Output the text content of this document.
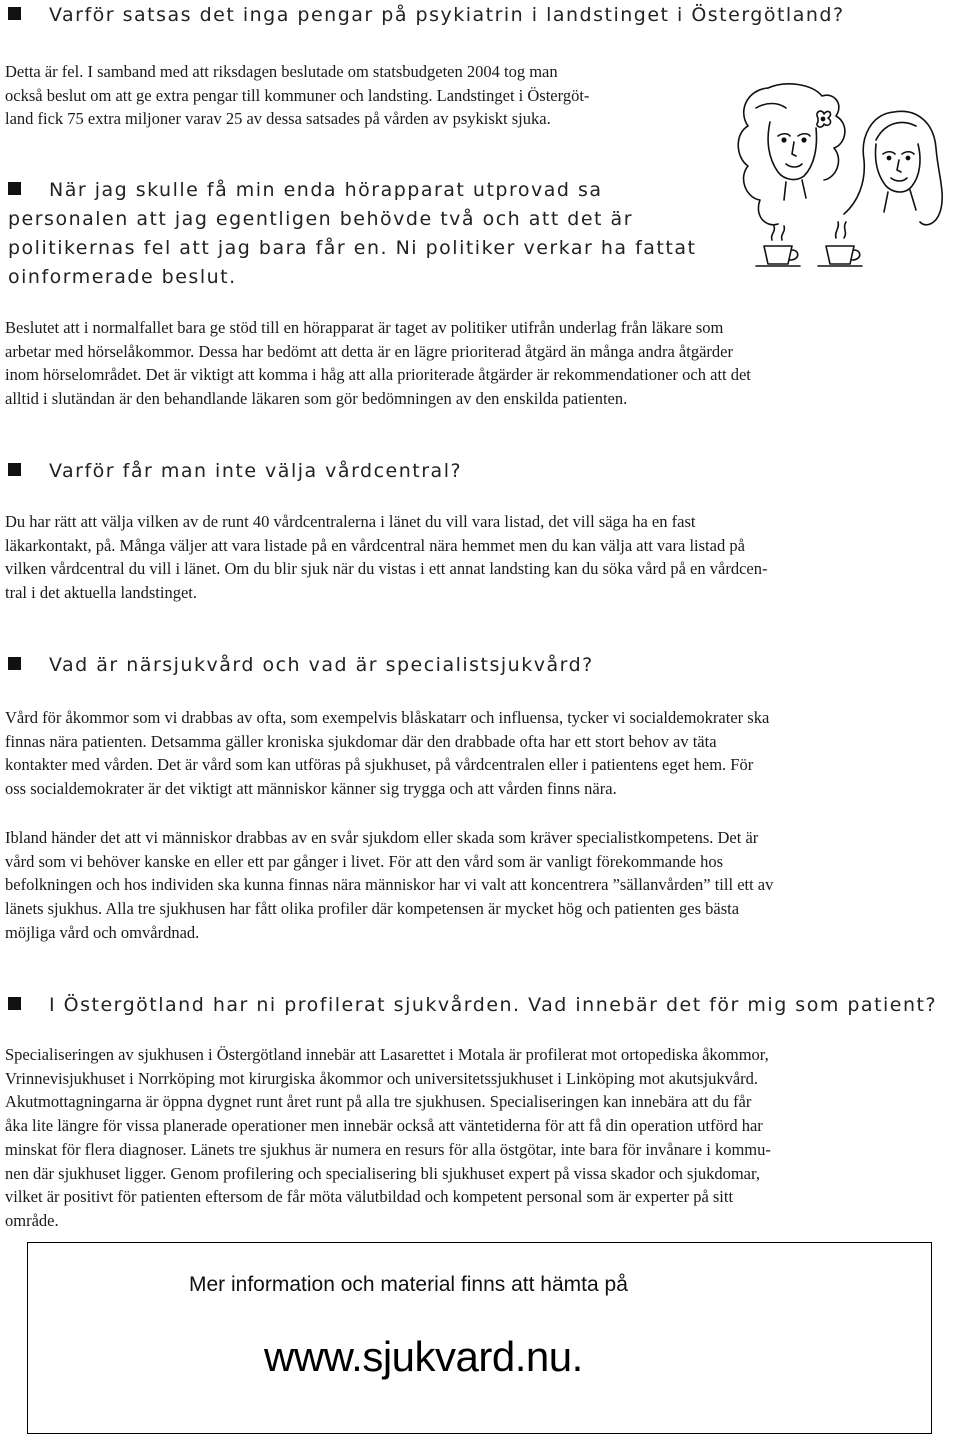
Varför satsas det inga pengar på psykiatrin i landstinget i Östergötland?

Detta är fel. I samband med att riksdagen beslutade om statsbudgeten 2004 tog man
också beslut om att ge extra pengar till kommuner och landsting. Landstinget i Östergöt-
land fick 75 extra miljoner varav 25 av dessa satsades på vården av psykiskt sjuka.

När jag skulle få min enda hörapparat utprovad sa
personalen att jag egentligen behövde två och att det är
politikernas fel att jag bara får en. Ni politiker verkar ha fattat
oinformerade beslut.

Beslutet att i normalfallet bara ge stöd till en hörapparat är taget av politiker utifrån underlag från läkare som
arbetar med hörselåkommor. Dessa har bedömt att detta är en lägre prioriterad åtgärd än många andra åtgärder
inom hörselområdet. Det är viktigt att komma i håg att alla prioriterade åtgärder är rekommendationer och att det
alltid i slutändan är den behandlande läkaren som gör bedömningen av den enskilda patienten.

Varför får man inte välja vårdcentral?

Du har rätt att välja vilken av de runt 40 vårdcentralerna i länet du vill vara listad, det vill säga ha en fast
läkarkontakt, på. Många väljer att vara listade på en vårdcentral nära hemmet men du kan välja att vara listad på
vilken vårdcentral du vill i länet. Om du blir sjuk när du vistas i ett annat landsting kan du söka vård på en vårdcen-
tral i det aktuella landstinget.

Vad är närsjukvård och vad är specialistsjukvård?

Vård för åkommor som vi drabbas av ofta, som exempelvis blåskatarr och influensa, tycker vi socialdemokrater ska
finnas nära patienten. Detsamma gäller kroniska sjukdomar där den drabbade ofta har ett stort behov av täta
kontakter med vården. Det är vård som kan utföras på sjukhuset, på vårdcentralen eller i patientens eget hem. För
oss socialdemokrater är det viktigt att människor känner sig trygga och att vården finns nära.

Ibland händer det att vi människor drabbas av en svår sjukdom eller skada som kräver specialistkompetens. Det är
vård som vi behöver kanske en eller ett par gånger i livet. För att den vård som är vanligt förekommande hos
befolkningen och hos individen ska kunna finnas nära människor har vi valt att koncentrera ”sällanvården” till ett av
länets sjukhus. Alla tre sjukhusen har fått olika profiler där kompetensen är mycket hög och patienten ges bästa
möjliga vård och omvårdnad.

I Östergötland har ni profilerat sjukvården. Vad innebär det för mig som patient?

Specialiseringen av sjukhusen i Östergötland innebär att Lasarettet i Motala är profilerat mot ortopediska åkommor,
Vrinnevisjukhuset i Norrköping mot kirurgiska åkommor och universitetssjukhuset i Linköping mot akutsjukvård.
Akutmottagningarna är öppna dygnet runt året runt på alla tre sjukhusen. Specialiseringen kan innebära att du får
åka lite längre för vissa planerade operationer men innebär också att väntetiderna för att få din operation utförd har
minskat för flera diagnoser. Länets tre sjukhus är numera en resurs för alla östgötar, inte bara för invånare i kommu-
nen där sjukhuset ligger. Genom profilering och specialisering bli sjukhuset expert på vissa skador och sjukdomar,
vilket är positivt för patienten eftersom de får möta välutbildad och kompetent personal som är experter på sitt
område.

Mer information och material finns att hämta på

www.sjukvard.nu.
